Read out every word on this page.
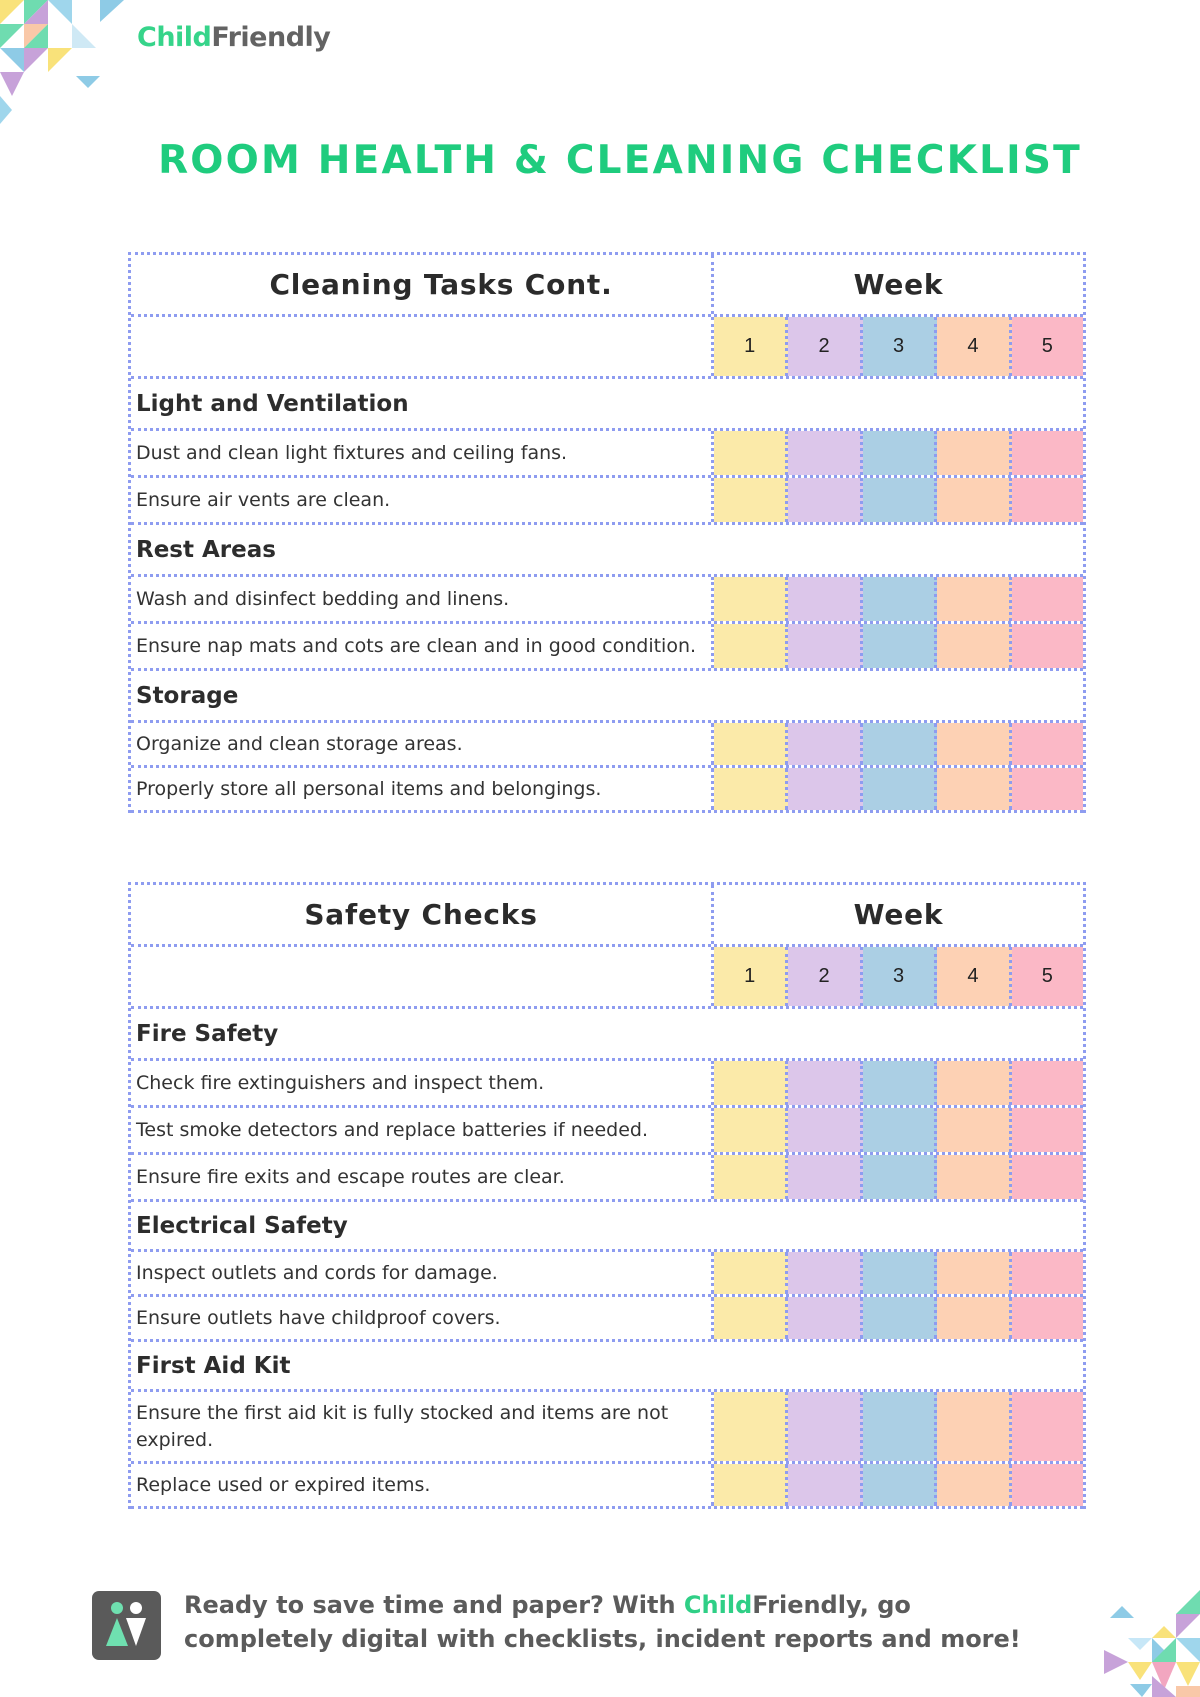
ChildFriendly
ROOM HEALTH & CLEANING CHECKLIST
Cleaning Tasks Cont.	Week
1	2	3	4	5
Light and Ventilation
Dust and clean light fixtures and ceiling fans.
Ensure air vents are clean.
Rest Areas
Wash and disinfect bedding and linens.
Ensure nap mats and cots are clean and in good condition.
Storage
Organize and clean storage areas.
Properly store all personal items and belongings.
Safety Checks	Week
1	2	3	4	5
Fire Safety
Check fire extinguishers and inspect them.
Test smoke detectors and replace batteries if needed.
Ensure fire exits and escape routes are clear.
Electrical Safety
Inspect outlets and cords for damage.
Ensure outlets have childproof covers.
First Aid Kit
Ensure the first aid kit is fully stocked and items are not expired.
Replace used or expired items.
Ready to save time and paper? With ChildFriendly, go completely digital with checklists, incident reports and more!
